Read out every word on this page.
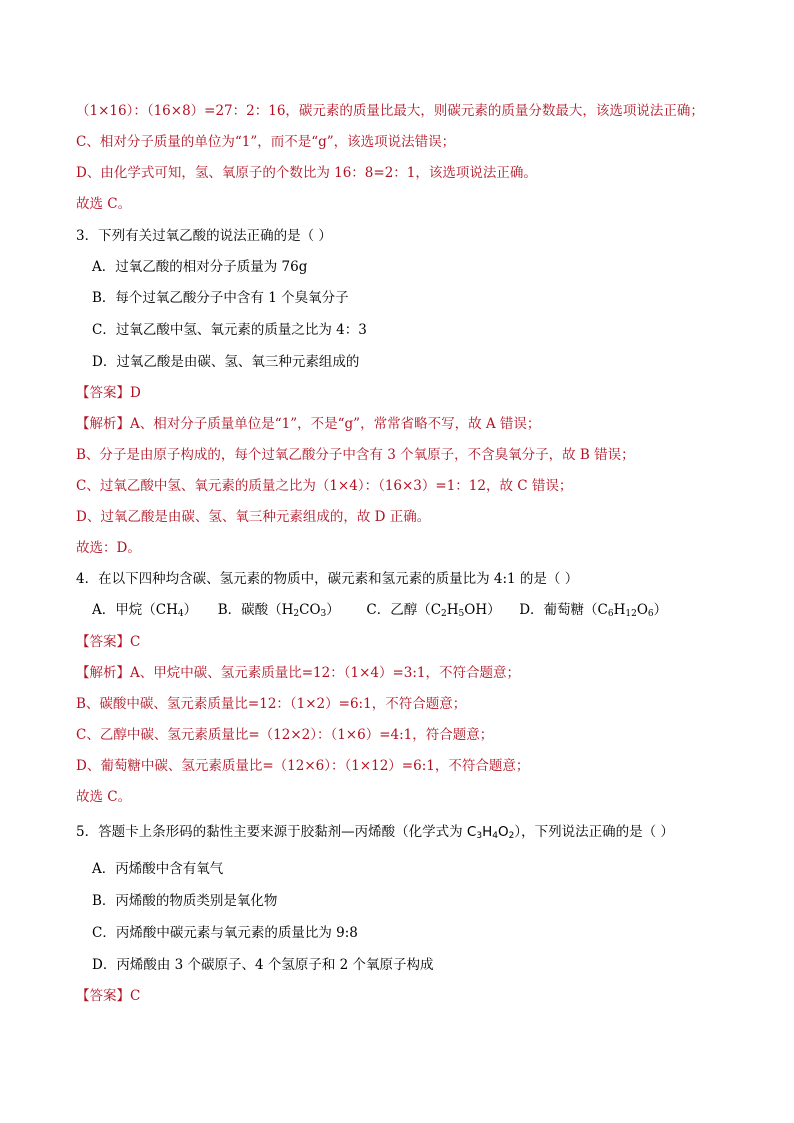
（1×16）：（16×8）=27：2：16，碳元素的质量比最大，则碳元素的质量分数最大，该选项说法正确；
C、相对分子质量的单位为“1”，而不是“g”，该选项说法错误；
D、由化学式可知，氢、氧原子的个数比为 16：8=2：1，该选项说法正确。
故选 C。
3．下列有关过氧乙酸的说法正确的是（ ）
A．过氧乙酸的相对分子质量为 76g
B．每个过氧乙酸分子中含有 1 个臭氧分子
C．过氧乙酸中氢、氧元素的质量之比为 4：3
D．过氧乙酸是由碳、氢、氧三种元素组成的
【答案】D
【解析】A、相对分子质量单位是“1”，不是“g”，常常省略不写，故 A 错误；
B、分子是由原子构成的，每个过氧乙酸分子中含有 3 个氧原子，不含臭氧分子，故 B 错误；
C、过氧乙酸中氢、氧元素的质量之比为（1×4）：（16×3）=1：12，故 C 错误；
D、过氧乙酸是由碳、氢、氧三种元素组成的，故 D 正确。
故选：D。
4．在以下四种均含碳、氢元素的物质中，碳元素和氢元素的质量比为 4:1 的是（ ）
A．甲烷$(CH_4)$ B．碳酸$(H_2CO_3)$ C．乙醇$(C_2H_5OH)$ D．葡萄糖$(C_6H_{12}O_6)$
【答案】C
【解析】A、甲烷中碳、氢元素质量比=12：（1×4）=3:1，不符合题意；
B、碳酸中碳、氢元素质量比=12：（1×2）=6:1，不符合题意；
C、乙醇中碳、氢元素质量比=（12×2）：（1×6）=4:1，符合题意；
D、葡萄糖中碳、氢元素质量比=（12×6）：（1×12）=6:1，不符合题意；
故选 C。
5．答题卡上条形码的黏性主要来源于胶黏剂—丙烯酸（化学式为 $C_3H_4O_2$），下列说法正确的是（ ）
A．丙烯酸中含有氧气
B．丙烯酸的物质类别是氧化物
C．丙烯酸中碳元素与氧元素的质量比为 9:8
D．丙烯酸由 3 个碳原子、4 个氢原子和 2 个氧原子构成
【答案】C
